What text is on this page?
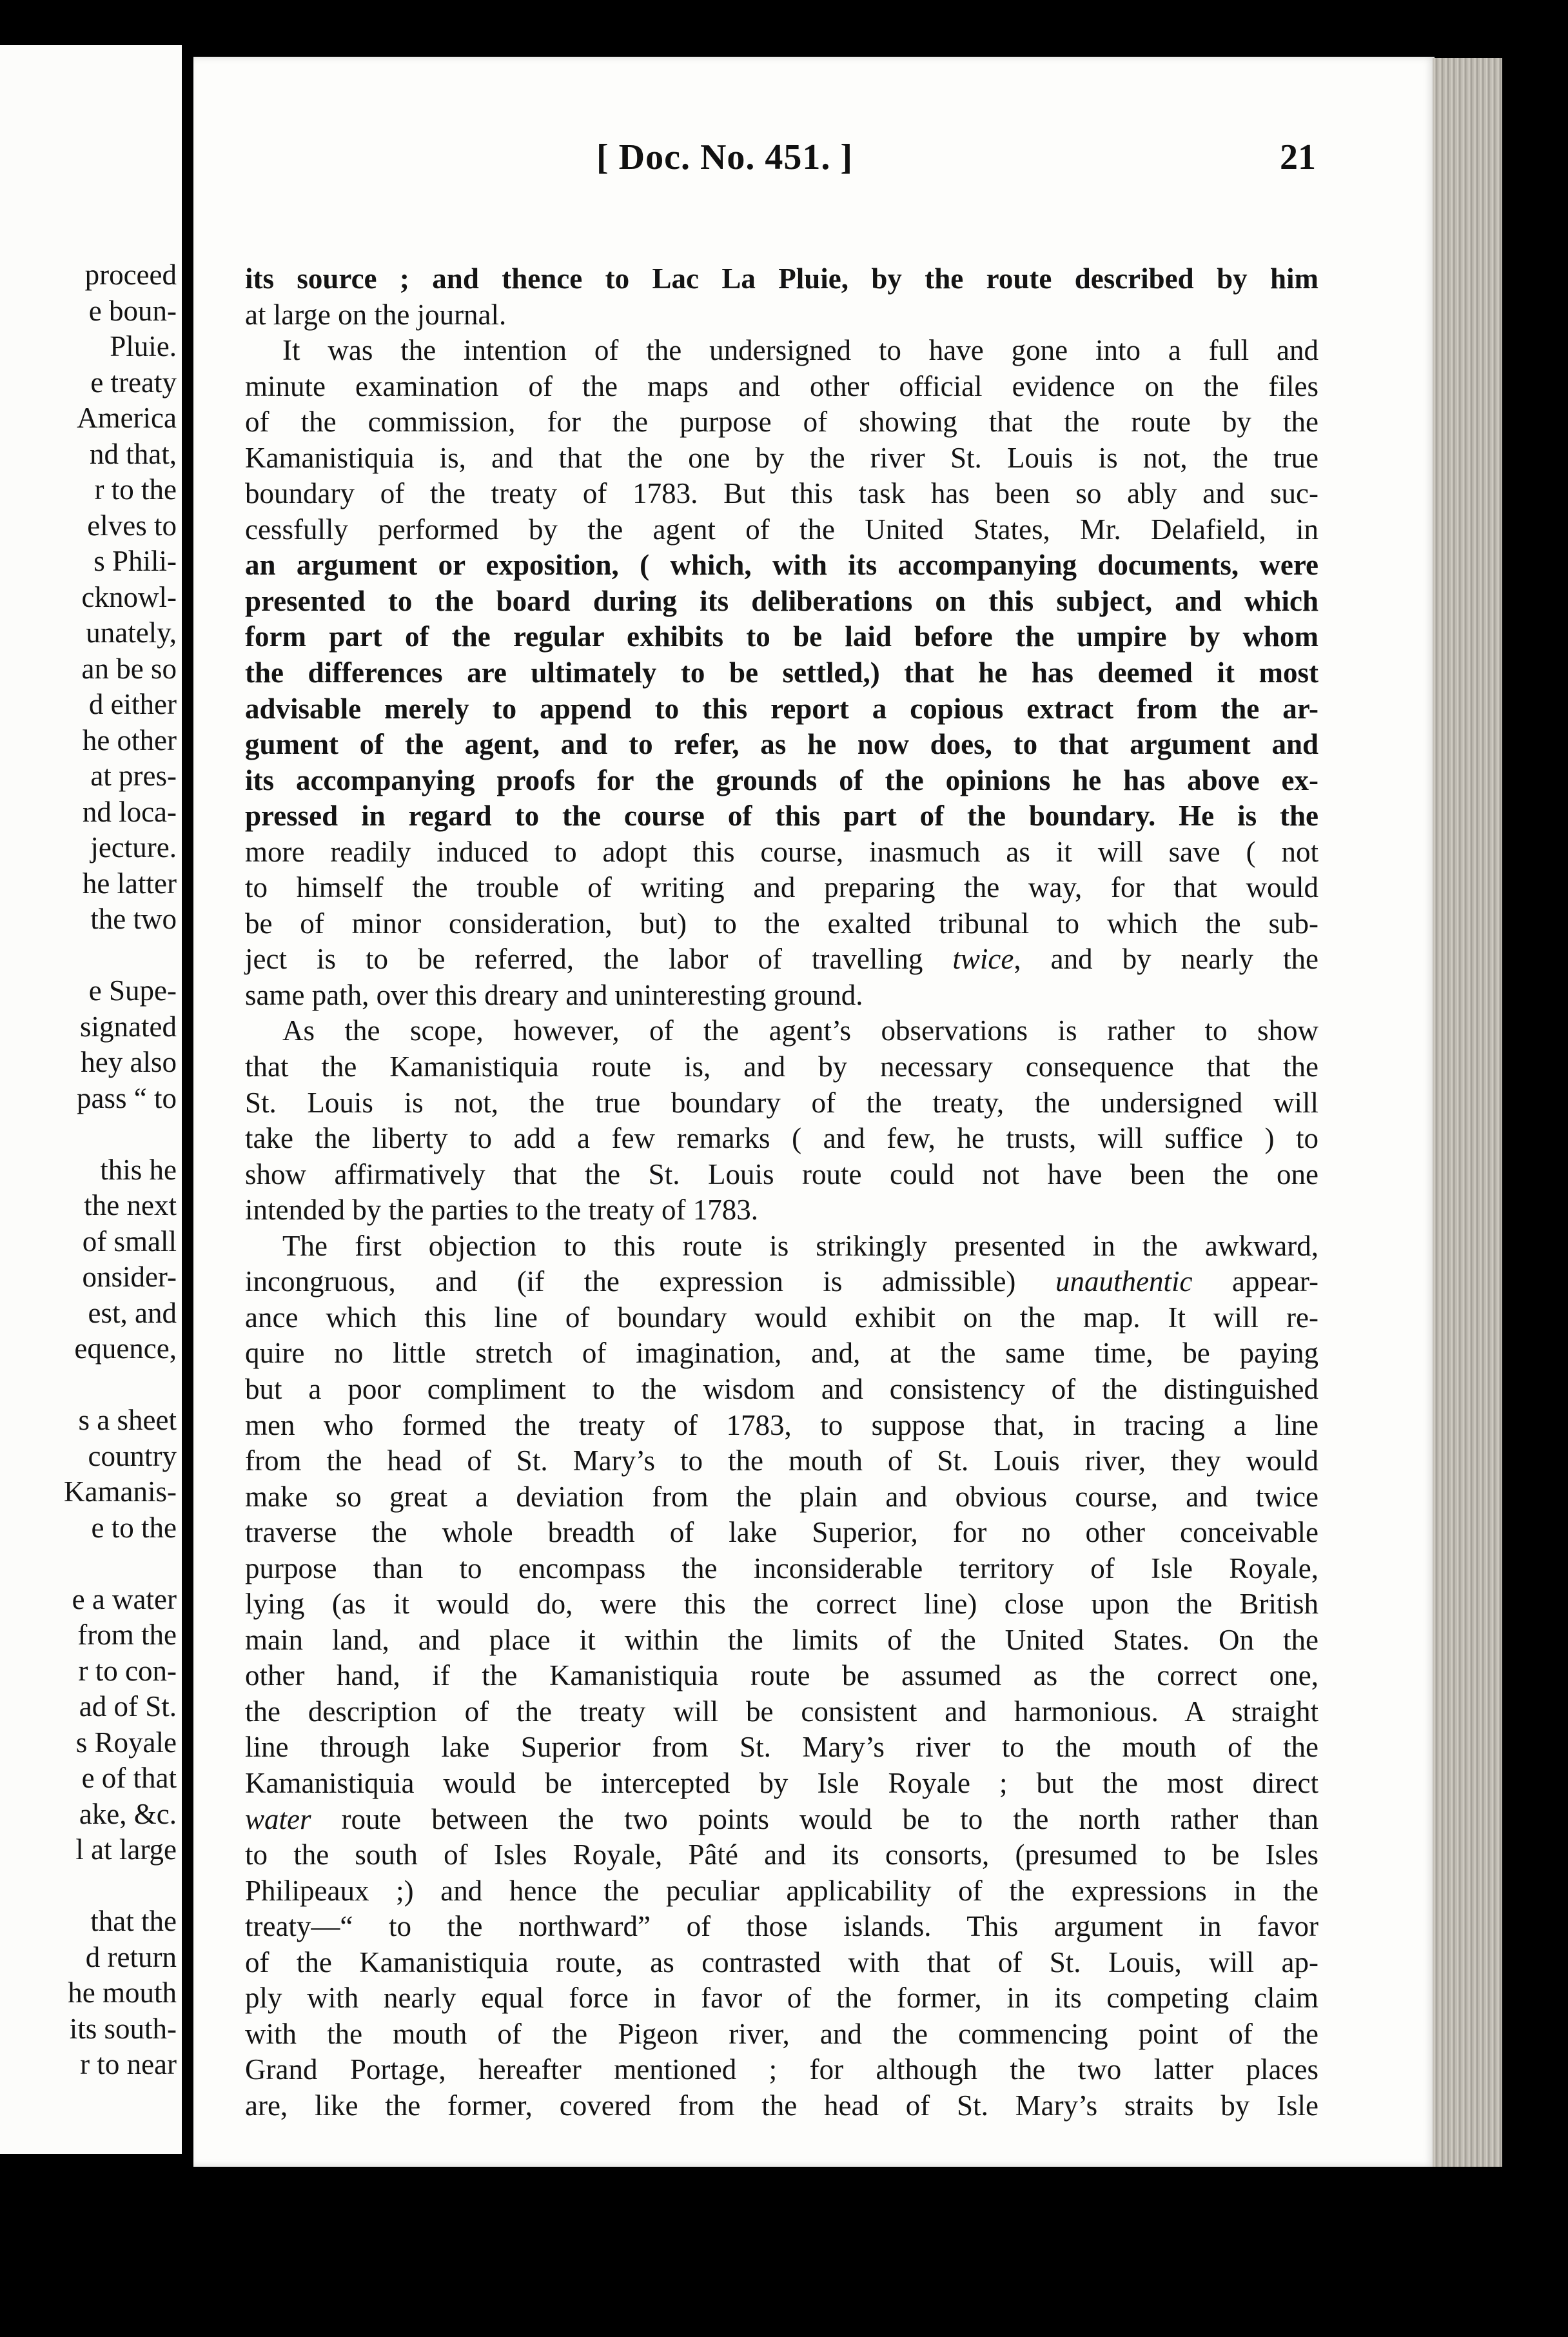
proceed
e boun-
Pluie.
e treaty
America
nd that,
r to the
elves to
s Phili-
cknowl-
unately,
an be so
d either
he other
at pres-
nd loca-
jecture.
he latter
the two
e Supe-
signated
hey also
pass “ to
this he
the next
of small
onsider-
est, and
equence,
s a sheet
country
Kamanis-
e to the
e a water
from the
r to con-
ad of St.
s Royale
e of that
ake, &c.
l at large
that the
d return
he mouth
its south-
r to near
[ Doc. No. 451. ]	21
its source ; and thence to Lac La Pluie, by the route described by him
at large on the journal.
It was the intention of the undersigned to have gone into a full and
minute examination of the maps and other official evidence on the files
of the commission, for the purpose of showing that the route by the
Kamanistiquia is, and that the one by the river St. Louis is not, the true
boundary of the treaty of 1783. But this task has been so ably and suc-
cessfully performed by the agent of the United States, Mr. Delafield, in
an argument or exposition, ( which, with its accompanying documents, were
presented to the board during its deliberations on this subject, and which
form part of the regular exhibits to be laid before the umpire by whom
the differences are ultimately to be settled,) that he has deemed it most
advisable merely to append to this report a copious extract from the ar-
gument of the agent, and to refer, as he now does, to that argument and
its accompanying proofs for the grounds of the opinions he has above ex-
pressed in regard to the course of this part of the boundary. He is the
more readily induced to adopt this course, inasmuch as it will save ( not
to himself the trouble of writing and preparing the way, for that would
be of minor consideration, but) to the exalted tribunal to which the sub-
ject is to be referred, the labor of travelling twice, and by nearly the
same path, over this dreary and uninteresting ground.
As the scope, however, of the agent’s observations is rather to show
that the Kamanistiquia route is, and by necessary consequence that the
St. Louis is not, the true boundary of the treaty, the undersigned will
take the liberty to add a few remarks ( and few, he trusts, will suffice ) to
show affirmatively that the St. Louis route could not have been the one
intended by the parties to the treaty of 1783.
The first objection to this route is strikingly presented in the awkward,
incongruous, and (if the expression is admissible) unauthentic appear-
ance which this line of boundary would exhibit on the map. It will re-
quire no little stretch of imagination, and, at the same time, be paying
but a poor compliment to the wisdom and consistency of the distinguished
men who formed the treaty of 1783, to suppose that, in tracing a line
from the head of St. Mary’s to the mouth of St. Louis river, they would
make so great a deviation from the plain and obvious course, and twice
traverse the whole breadth of lake Superior, for no other conceivable
purpose than to encompass the inconsiderable territory of Isle Royale,
lying (as it would do, were this the correct line) close upon the British
main land, and place it within the limits of the United States. On the
other hand, if the Kamanistiquia route be assumed as the correct one,
the description of the treaty will be consistent and harmonious. A straight
line through lake Superior from St. Mary’s river to the mouth of the
Kamanistiquia would be intercepted by Isle Royale ; but the most direct
water route between the two points would be to the north rather than
to the south of Isles Royale, Pâté and its consorts, (presumed to be Isles
Philipeaux ;) and hence the peculiar applicability of the expressions in the
treaty—“ to the northward” of those islands. This argument in favor
of the Kamanistiquia route, as contrasted with that of St. Louis, will ap-
ply with nearly equal force in favor of the former, in its competing claim
with the mouth of the Pigeon river, and the commencing point of the
Grand Portage, hereafter mentioned ; for although the two latter places
are, like the former, covered from the head of St. Mary’s straits by Isle
